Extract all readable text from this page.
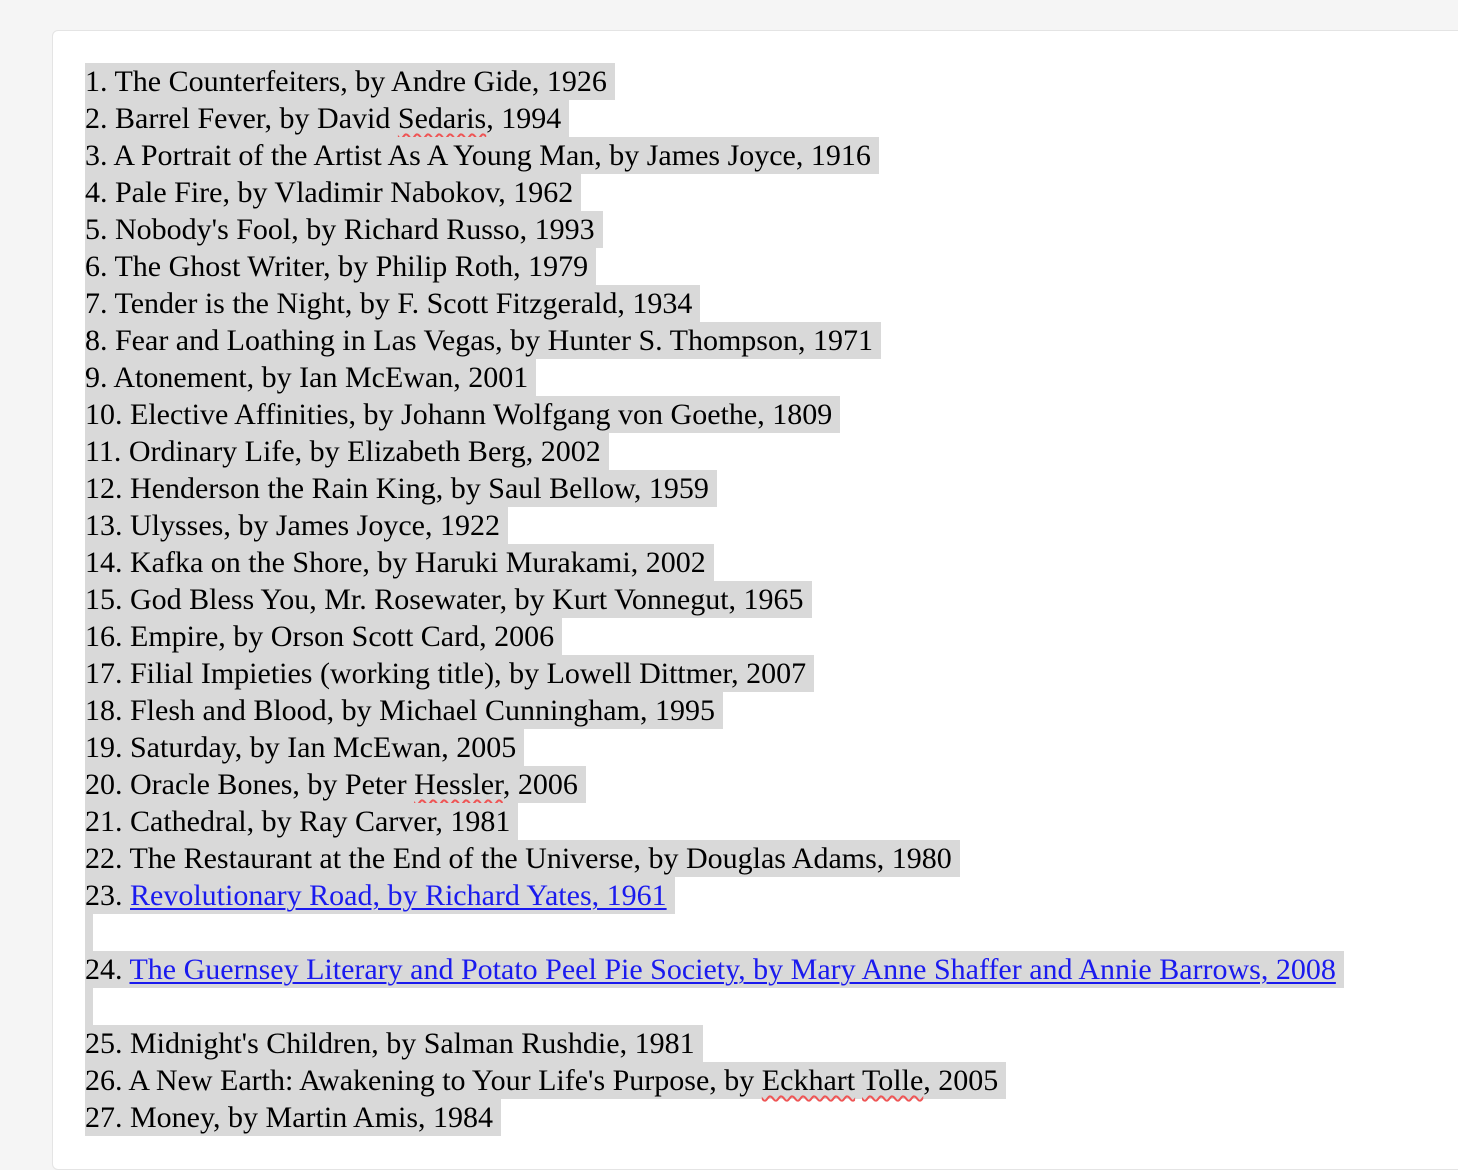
1. The Counterfeiters, by Andre Gide, 1926
2. Barrel Fever, by David Sedaris, 1994
3. A Portrait of the Artist As A Young Man, by James Joyce, 1916
4. Pale Fire, by Vladimir Nabokov, 1962
5. Nobody's Fool, by Richard Russo, 1993
6. The Ghost Writer, by Philip Roth, 1979
7. Tender is the Night, by F. Scott Fitzgerald, 1934
8. Fear and Loathing in Las Vegas, by Hunter S. Thompson, 1971
9. Atonement, by Ian McEwan, 2001
10. Elective Affinities, by Johann Wolfgang von Goethe, 1809
11. Ordinary Life, by Elizabeth Berg, 2002
12. Henderson the Rain King, by Saul Bellow, 1959
13. Ulysses, by James Joyce, 1922
14. Kafka on the Shore, by Haruki Murakami, 2002
15. God Bless You, Mr. Rosewater, by Kurt Vonnegut, 1965
16. Empire, by Orson Scott Card, 2006
17. Filial Impieties (working title), by Lowell Dittmer, 2007
18. Flesh and Blood, by Michael Cunningham, 1995
19. Saturday, by Ian McEwan, 2005
20. Oracle Bones, by Peter Hessler, 2006
21. Cathedral, by Ray Carver, 1981
22. The Restaurant at the End of the Universe, by Douglas Adams, 1980
23. Revolutionary Road, by Richard Yates, 1961
24. The Guernsey Literary and Potato Peel Pie Society, by Mary Anne Shaffer and Annie Barrows, 2008
25. Midnight's Children, by Salman Rushdie, 1981
26. A New Earth: Awakening to Your Life's Purpose, by Eckhart Tolle, 2005
27. Money, by Martin Amis, 1984
